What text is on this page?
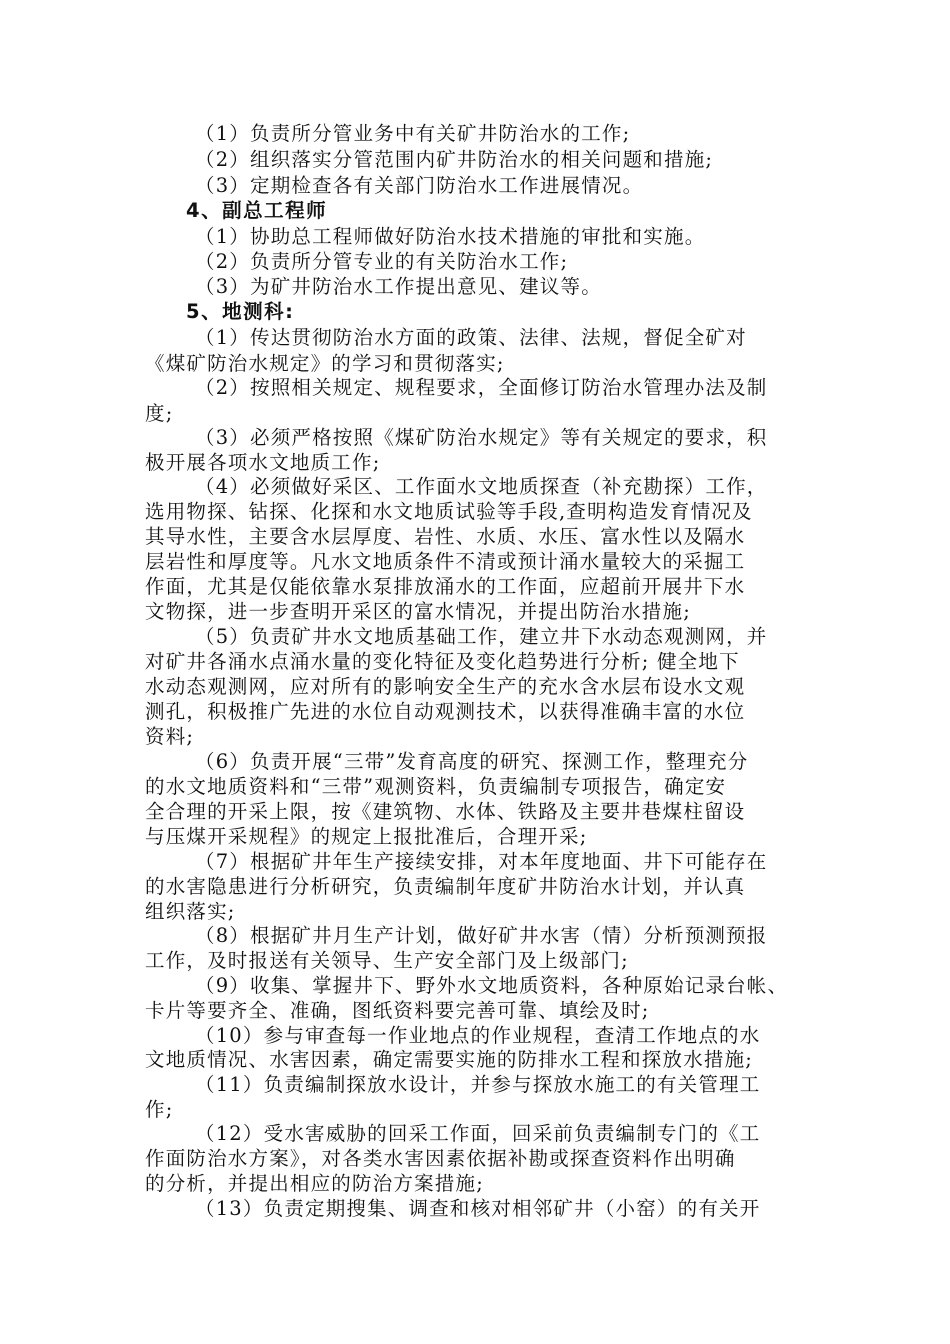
（1）负责所分管业务中有关矿井防治水的工作;
（2）组织落实分管范围内矿井防治水的相关问题和措施;
（3）定期检查各有关部门防治水工作进展情况。
4、副总工程师
（1）协助总工程师做好防治水技术措施的审批和实施。
（2）负责所分管专业的有关防治水工作;
（3）为矿井防治水工作提出意见、建议等。
5、地测科:
（1）传达贯彻防治水方面的政策、法律、法规，督促全矿对
《煤矿防治水规定》的学习和贯彻落实;
（2）按照相关规定、规程要求，全面修订防治水管理办法及制
度;
（3）必须严格按照《煤矿防治水规定》等有关规定的要求，积
极开展各项水文地质工作;
（4）必须做好采区、工作面水文地质探查（补充勘探）工作，
选用物探、钻探、化探和水文地质试验等手段,查明构造发育情况及
其导水性，主要含水层厚度、岩性、水质、水压、富水性以及隔水
层岩性和厚度等。凡水文地质条件不清或预计涌水量较大的采掘工
作面，尤其是仅能依靠水泵排放涌水的工作面，应超前开展井下水
文物探，进一步查明开采区的富水情况，并提出防治水措施;
（5）负责矿井水文地质基础工作，建立井下水动态观测网，并
对矿井各涌水点涌水量的变化特征及变化趋势进行分析; 健全地下
水动态观测网，应对所有的影响安全生产的充水含水层布设水文观
测孔，积极推广先进的水位自动观测技术，以获得准确丰富的水位
资料;
（6）负责开展“三带”发育高度的研究、探测工作，整理充分
的水文地质资料和“三带”观测资料，负责编制专项报告，确定安
全合理的开采上限，按《建筑物、水体、铁路及主要井巷煤柱留设
与压煤开采规程》的规定上报批准后，合理开采;
（7）根据矿井年生产接续安排，对本年度地面、井下可能存在
的水害隐患进行分析研究，负责编制年度矿井防治水计划，并认真
组织落实;
（8）根据矿井月生产计划，做好矿井水害（情）分析预测预报
工作，及时报送有关领导、生产安全部门及上级部门;
（9）收集、掌握井下、野外水文地质资料，各种原始记录台帐、
卡片等要齐全、准确，图纸资料要完善可靠、填绘及时;
（10）参与审查每一作业地点的作业规程，查清工作地点的水
文地质情况、水害因素，确定需要实施的防排水工程和探放水措施;
（11）负责编制探放水设计，并参与探放水施工的有关管理工
作;
（12）受水害威胁的回采工作面，回采前负责编制专门的《工
作面防治水方案》，对各类水害因素依据补勘或探查资料作出明确
的分析，并提出相应的防治方案措施;
（13）负责定期搜集、调查和核对相邻矿井（小窑）的有关开
